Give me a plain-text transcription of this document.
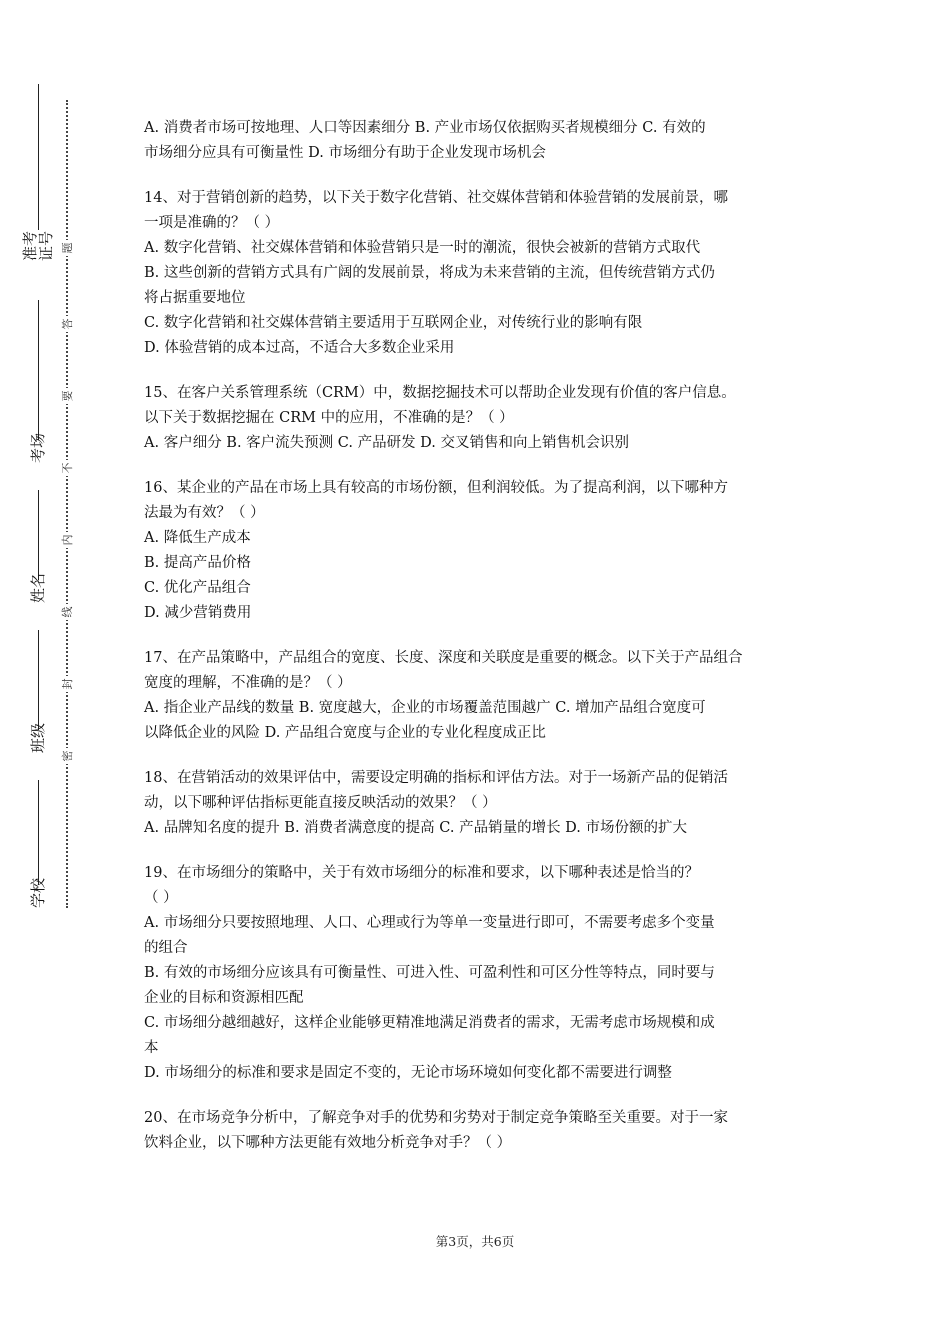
准考证号
考场
姓名
班级
学校
题
答
要
不
内
线
封
密
A. 消费者市场可按地理、人口等因素细分 B. 产业市场仅依据购买者规模细分 C. 有效的
市场细分应具有可衡量性 D. 市场细分有助于企业发现市场机会
14、对于营销创新的趋势，以下关于数字化营销、社交媒体营销和体验营销的发展前景，哪
一项是准确的？（ ）
A. 数字化营销、社交媒体营销和体验营销只是一时的潮流，很快会被新的营销方式取代
B. 这些创新的营销方式具有广阔的发展前景，将成为未来营销的主流，但传统营销方式仍
将占据重要地位
C. 数字化营销和社交媒体营销主要适用于互联网企业，对传统行业的影响有限
D. 体验营销的成本过高，不适合大多数企业采用
15、在客户关系管理系统（CRM）中，数据挖掘技术可以帮助企业发现有价值的客户信息。
以下关于数据挖掘在 CRM 中的应用，不准确的是？（ ）
A. 客户细分 B. 客户流失预测 C. 产品研发 D. 交叉销售和向上销售机会识别
16、某企业的产品在市场上具有较高的市场份额，但利润较低。为了提高利润，以下哪种方
法最为有效？（ ）
A. 降低生产成本
B. 提高产品价格
C. 优化产品组合
D. 减少营销费用
17、在产品策略中，产品组合的宽度、长度、深度和关联度是重要的概念。以下关于产品组合
宽度的理解，不准确的是？（ ）
A. 指企业产品线的数量 B. 宽度越大，企业的市场覆盖范围越广 C. 增加产品组合宽度可
以降低企业的风险 D. 产品组合宽度与企业的专业化程度成正比
18、在营销活动的效果评估中，需要设定明确的指标和评估方法。对于一场新产品的促销活
动，以下哪种评估指标更能直接反映活动的效果？（ ）
A. 品牌知名度的提升 B. 消费者满意度的提高 C. 产品销量的增长 D. 市场份额的扩大
19、在市场细分的策略中，关于有效市场细分的标准和要求，以下哪种表述是恰当的？
（ ）
A. 市场细分只要按照地理、人口、心理或行为等单一变量进行即可，不需要考虑多个变量
的组合
B. 有效的市场细分应该具有可衡量性、可进入性、可盈利性和可区分性等特点，同时要与
企业的目标和资源相匹配
C. 市场细分越细越好，这样企业能够更精准地满足消费者的需求，无需考虑市场规模和成
本
D. 市场细分的标准和要求是固定不变的，无论市场环境如何变化都不需要进行调整
20、在市场竞争分析中，了解竞争对手的优势和劣势对于制定竞争策略至关重要。对于一家
饮料企业，以下哪种方法更能有效地分析竞争对手？（ ）
第3页，共6页
